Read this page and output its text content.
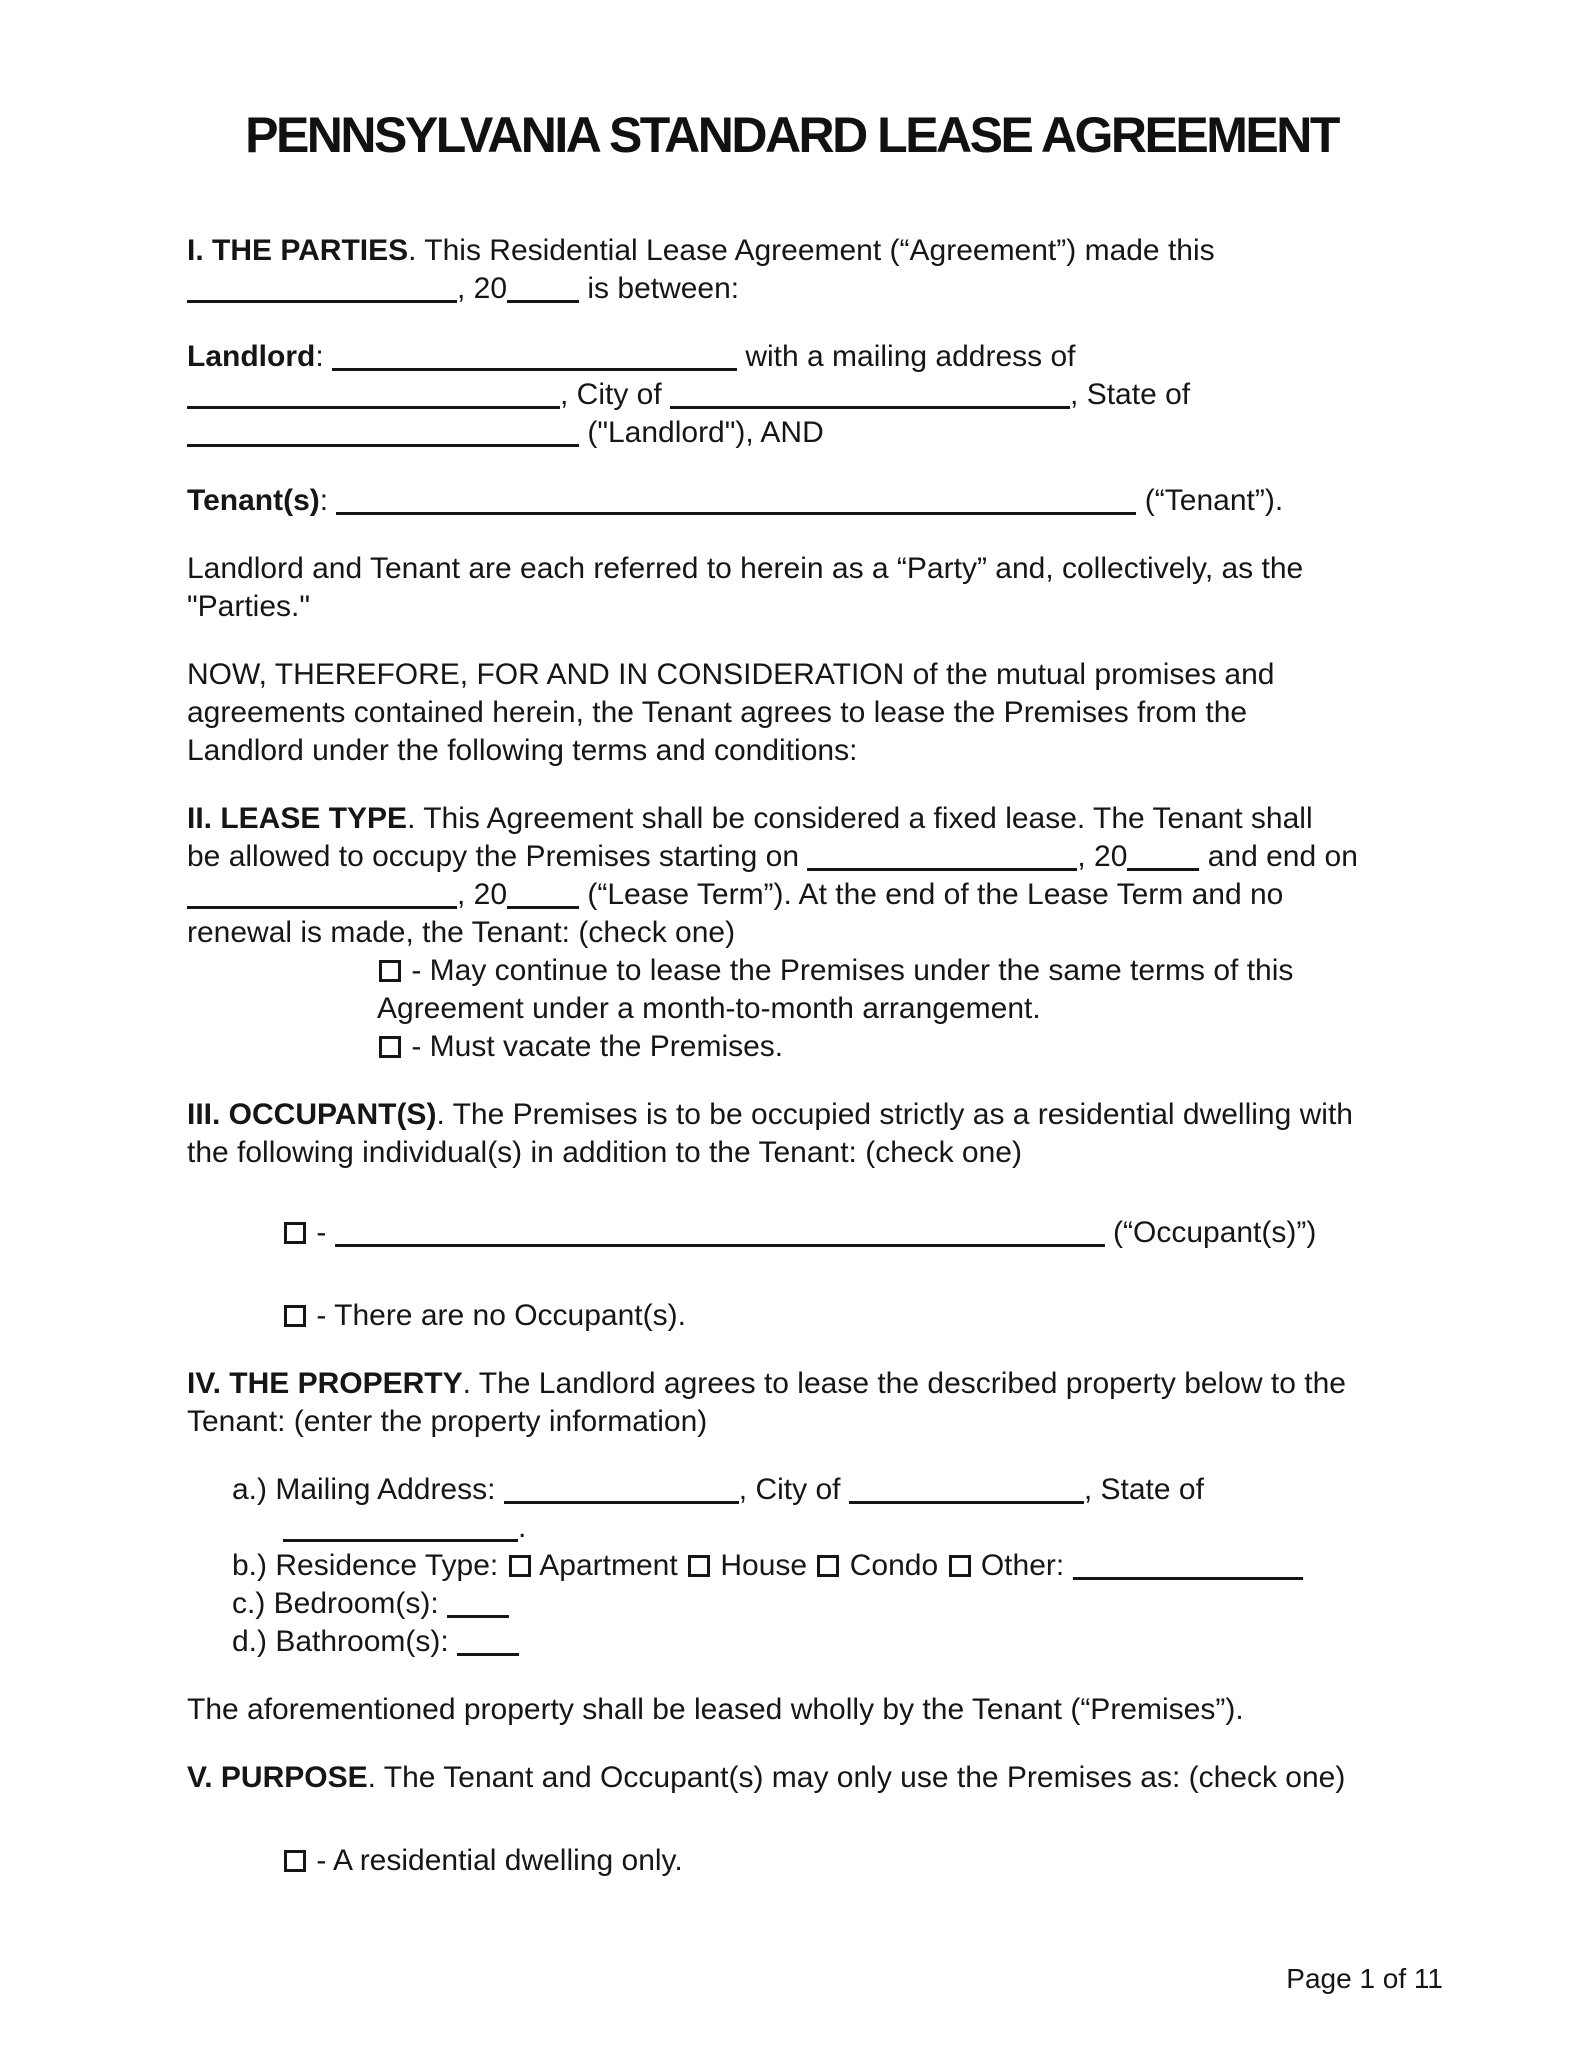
PENNSYLVANIA STANDARD LEASE AGREEMENT
I. THE PARTIES. This Residential Lease Agreement (“Agreement”) made this
, 20 is between:
Landlord:	with a mailing address of
, City of	, State of
("Landlord"), AND
Tenant(s):	(“Tenant”).
Landlord and Tenant are each referred to herein as a “Party” and, collectively, as the
"Parties."
NOW, THEREFORE, FOR AND IN CONSIDERATION of the mutual promises and
agreements contained herein, the Tenant agrees to lease the Premises from the
Landlord under the following terms and conditions:
II. LEASE TYPE. This Agreement shall be considered a fixed lease. The Tenant shall
be allowed to occupy the Premises starting on	, 20 and end on
, 20 (“Lease Term”). At the end of the Lease Term and no
renewal is made, the Tenant: (check one)
- May continue to lease the Premises under the same terms of this
Agreement under a month-to-month arrangement.
- Must vacate the Premises.
III. OCCUPANT(S). The Premises is to be occupied strictly as a residential dwelling with
the following individual(s) in addition to the Tenant: (check one)
-	(“Occupant(s)”)
- There are no Occupant(s).
IV. THE PROPERTY. The Landlord agrees to lease the described property below to the
Tenant: (enter the property information)
a.) Mailing Address:	, City of	, State of
.
b.) Residence Type:  Apartment  House  Condo  Other:
c.) Bedroom(s):
d.) Bathroom(s):
The aforementioned property shall be leased wholly by the Tenant (“Premises”).
V. PURPOSE. The Tenant and Occupant(s) may only use the Premises as: (check one)
- A residential dwelling only.
Page 1 of 11
